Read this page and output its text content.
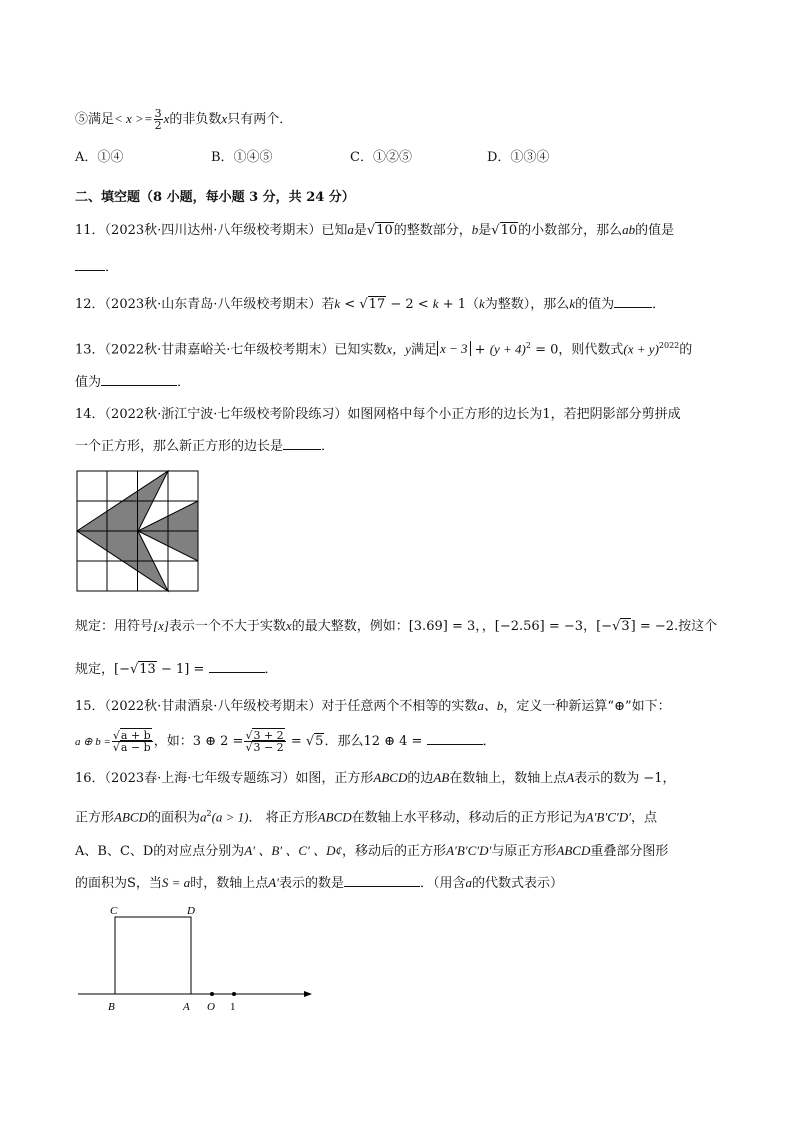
⑤满足< $x >= \frac{3}{2}$ x的非负数x只有两个．
A．①④	B．①④⑤	C．①②⑤	D．①③④
二、填空题（8 小题，每小题 3 分，共 24 分）
11．（2023秋·四川达州·八年级校考期末）已知a是√10的整数部分，b是√10的小数部分，那么ab的值是
．
12．（2023秋·山东青岛·八年级校考期末）若k < √17 − 2 < k + 1（k为整数），那么k的值为	．
13．（2022秋·甘肃嘉峪关·七年级校考期末）已知实数x，y满足 $x - 3 + (y + 4)^2 = 0$，则代数式$(x + y)^{2022}$的
值为	．
14．（2022秋·浙江宁波·七年级校考阶段练习）如图网格中每个小正方形的边长为1，若把阴影部分剪拼成
一个正方形，那么新正方形的边长是	．
规定：用符号[x]表示一个不大于实数x的最大整数，例如：[3.69] = 3，，[−2.56] = −3，[−√3] = −2.按这个
规定，[−√13 − 1] =	．
15．（2022秋·甘肃酒泉·八年级校考期末）对于任意两个不相等的实数a、b，定义一种新运算“⊕”如下：
a ⊕ $b = \frac{√a + b}{√a - b}$ ，如：3 ⊕ $2 = \frac{√3 + 2}{√3 - 2} = √5$．那么12 ⊕ 4 =	．
16．（2023春·上海·七年级专题练习）如图，正方形ABCD的边AB在数轴上，数轴上点A表示的数为 −1，
正方形ABCD的面积为$a^2(a > 1)$． 将正方形ABCD在数轴上水平移动，移动后的正方形记为A′B′C′D′，点
A、B、C、D的对应点分别为A′ 、B′ 、C′ 、D¢，移动后的正方形A′B′C′D′与原正方形ABCD重叠部分图形
的面积为S，当S = a时，数轴上点A′表示的数是	．（用含a的代数式表示）
C	D
B	A O 1
